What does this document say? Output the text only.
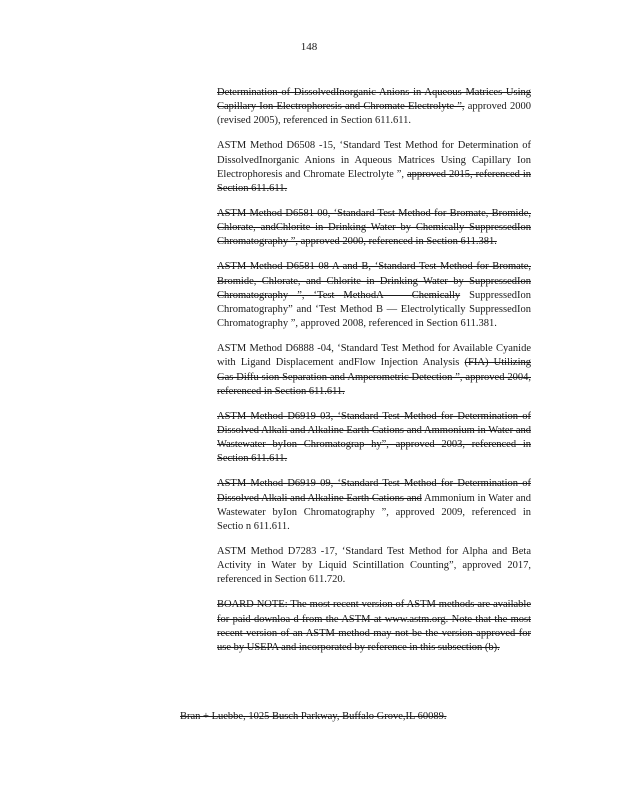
148

Determination of DissolvedInorganic Anions in Aqueous Matrices Using Capillary Ion Electrophoresis and Chromate Electrolyte ”, approved 2000 (revised 2005), referenced in Section 611.611.

ASTM Method D6508 -15, ‘Standard Test Method for Determination of DissolvedInorganic Anions in Aqueous Matrices Using Capillary Ion Electrophoresis and Chromate Electrolyte ”, approved 2015, referenced in Section 611.611.

ASTM Method D6581 00, ‘Standard Test Method for Bromate, Bromide, Chlorate, andChlorite in Drinking Water by Chemically SuppressedIon Chromatography ”, approved 2000, referenced in Section 611.381.

ASTM Method D6581 08 A and B, ‘Standard Test Method for Bromate, Bromide, Chlorate, and Chlorite in Drinking Water by SuppressedIon Chromatography ”, ‘Test MethodA — Chemically SuppressedIon Chromatography” and ‘Test Method B — Electrolytically SuppressedIon Chromatography ”, approved 2008, referenced in Section 611.381.

ASTM Method D6888 -04, ‘Standard Test Method for Available Cyanide with Ligand Displacement andFlow Injection Analysis (FIA) Utilizing Gas Diffu sion Separation and Amperometric Detection ”, approved 2004, referenced in Section 611.611.

ASTM Method D6919 03, ‘Standard Test Method for Determination of Dissolved Alkali and Alkaline Earth Cations and Ammonium in Water and Wastewater byIon Chromatograp hy”, approved 2003, referenced in Section 611.611.

ASTM Method D6919 09, ‘Standard Test Method for Determination of Dissolved Alkali and Alkaline Earth Cations and Ammonium in Water and Wastewater byIon Chromatography ”, approved 2009, referenced in Sectio n 611.611.

ASTM Method D7283 -17, ‘Standard Test Method for Alpha and Beta Activity in Water by Liquid Scintillation Counting”, approved 2017, referenced in Section 611.720.

BOARD NOTE: The most recent version of ASTM methods are available for paid downloa d from the ASTM at www.astm.org. Note that the most recent version of an ASTM method may not be the version approved for use by USEPA and incorporated by reference in this subsection (b).

Bran + Luebbe, 1025 Busch Parkway, Buffalo Grove,IL 60089.
